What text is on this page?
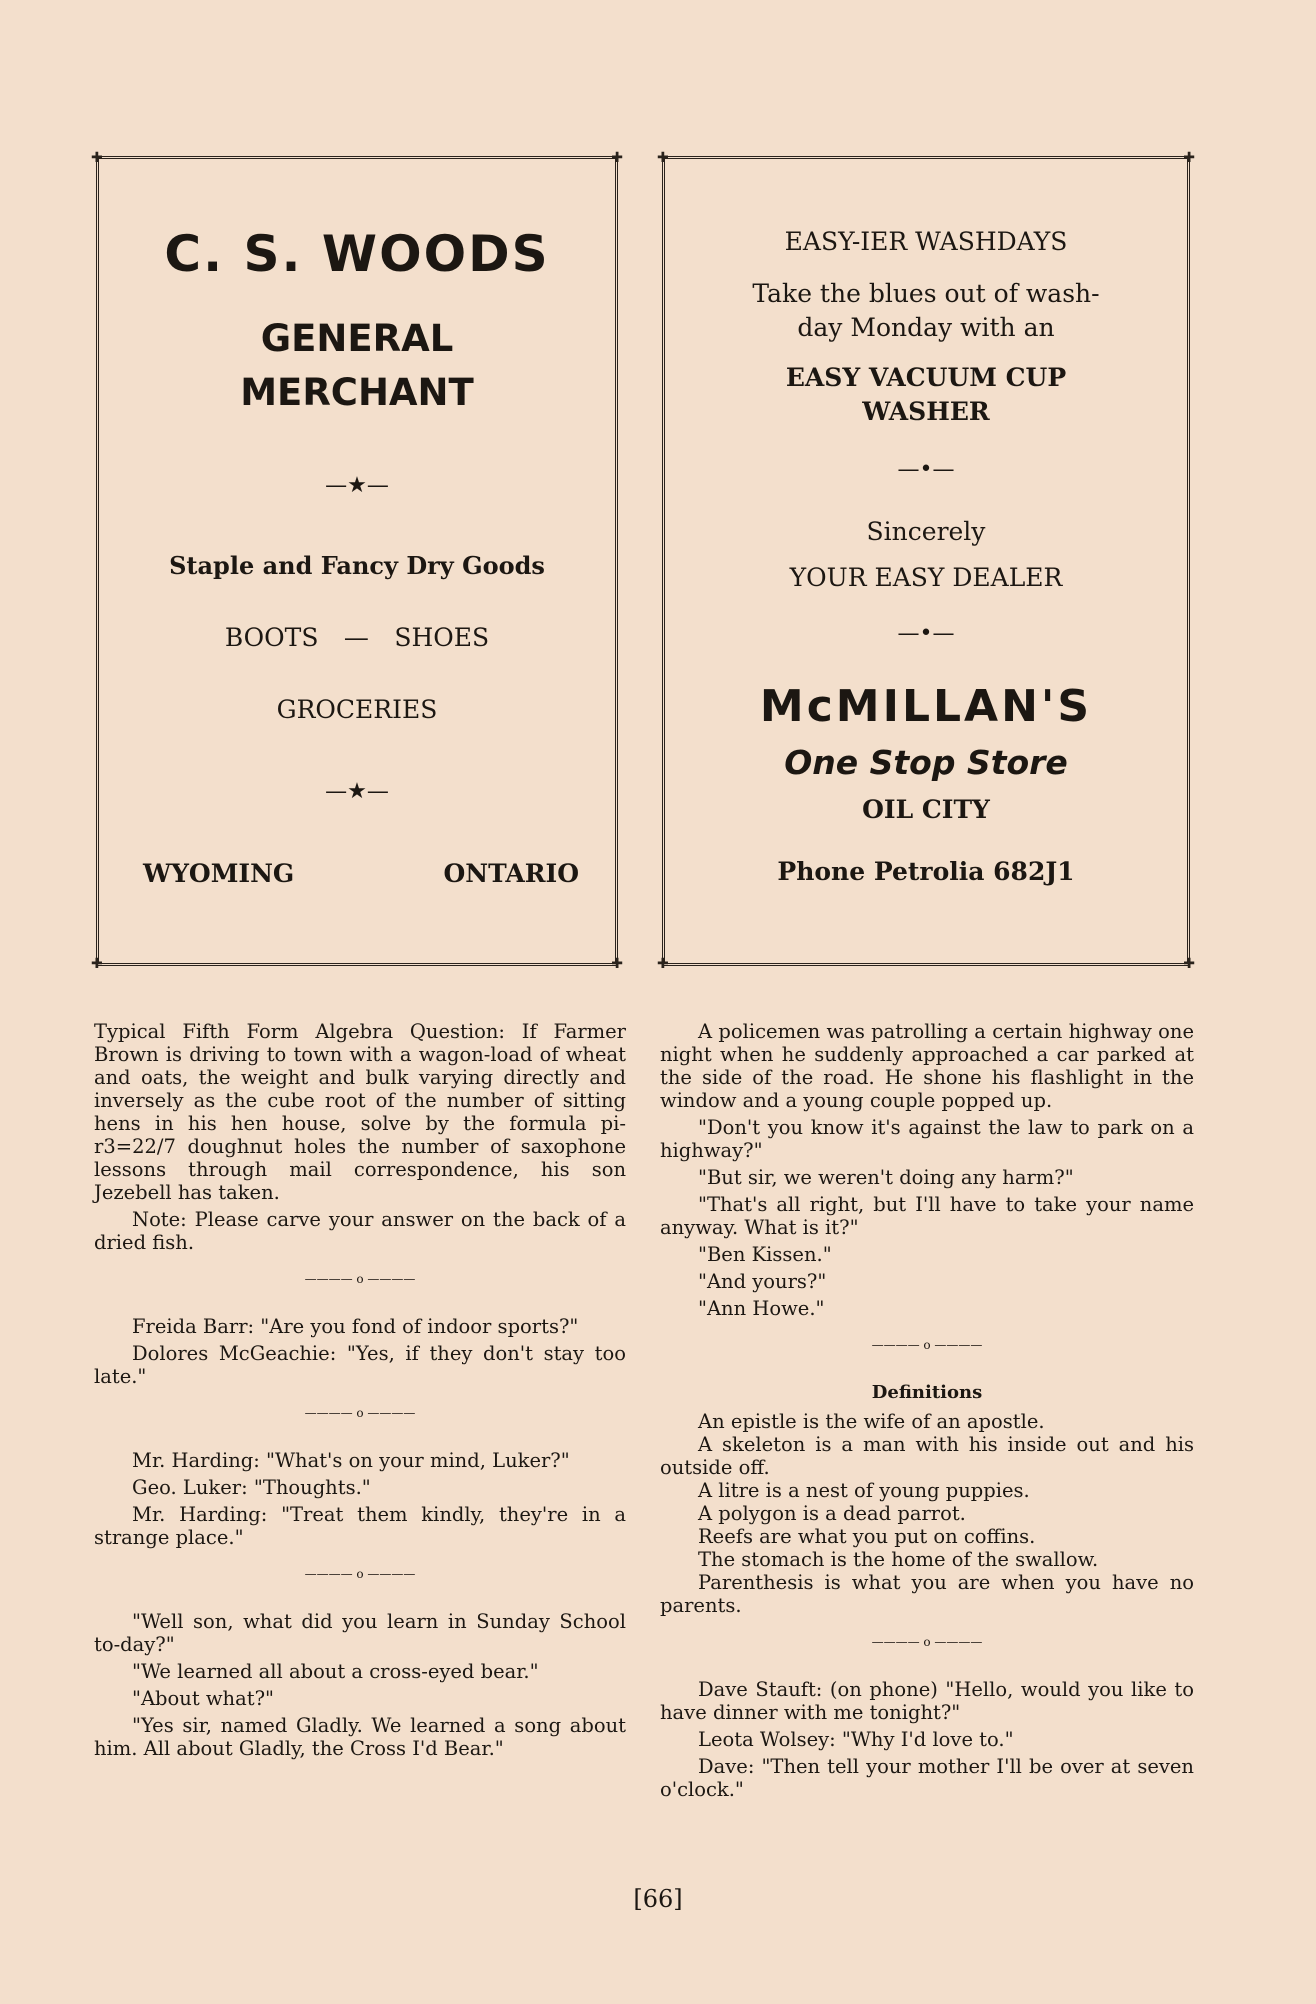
✚	✚
✚	✚
C. S. WOODS
GENERAL
MERCHANT
—★—
Staple and Fancy Dry Goods
BOOTS — SHOES
GROCERIES
—★—
WYOMING	ONTARIO
✚	✚
✚	✚
EASY-IER WASHDAYS
Take the blues out of wash-
day Monday with an
EASY VACUUM CUP
WASHER
—•—
Sincerely
YOUR EASY DEALER
—•—
McMILLAN'S
One Stop Store
OIL CITY
Phone Petrolia 682J1

Typical Fifth Form Algebra Question: If Farmer Brown is driving to town with a wagon-load of wheat and oats, the weight and bulk varying directly and inversely as the cube root of the number of sitting hens in his hen house, solve by the formula pi-r3=22/7 doughnut holes the number of saxophone lessons through mail correspondence, his son Jezebell has taken.

Note: Please carve your answer on the back of a dried fish.

———— o ————

Freida Barr: "Are you fond of indoor sports?"

Dolores McGeachie: "Yes, if they don't stay too late."

———— o ————

Mr. Harding: "What's on your mind, Luker?"

Geo. Luker: "Thoughts."

Mr. Harding: "Treat them kindly, they're in a strange place."

———— o ————

"Well son, what did you learn in Sunday School to-day?"

"We learned all about a cross-eyed bear."

"About what?"

"Yes sir, named Gladly. We learned a song about him. All about Gladly, the Cross I'd Bear."

A policemen was patrolling a certain highway one night when he suddenly approached a car parked at the side of the road. He shone his flashlight in the window and a young couple popped up.

"Don't you know it's against the law to park on a highway?"

"But sir, we weren't doing any harm?"

"That's all right, but I'll have to take your name anyway. What is it?"

"Ben Kissen."

"And yours?"

"Ann Howe."

———— o ————
Definitions

An epistle is the wife of an apostle.

A skeleton is a man with his inside out and his outside off.

A litre is a nest of young puppies.

A polygon is a dead parrot.

Reefs are what you put on coffins.

The stomach is the home of the swallow.

Parenthesis is what you are when you have no parents.

———— o ————

Dave Stauft: (on phone) "Hello, would you like to have dinner with me tonight?"

Leota Wolsey: "Why I'd love to."

Dave: "Then tell your mother I'll be over at seven o'clock."

[66]
